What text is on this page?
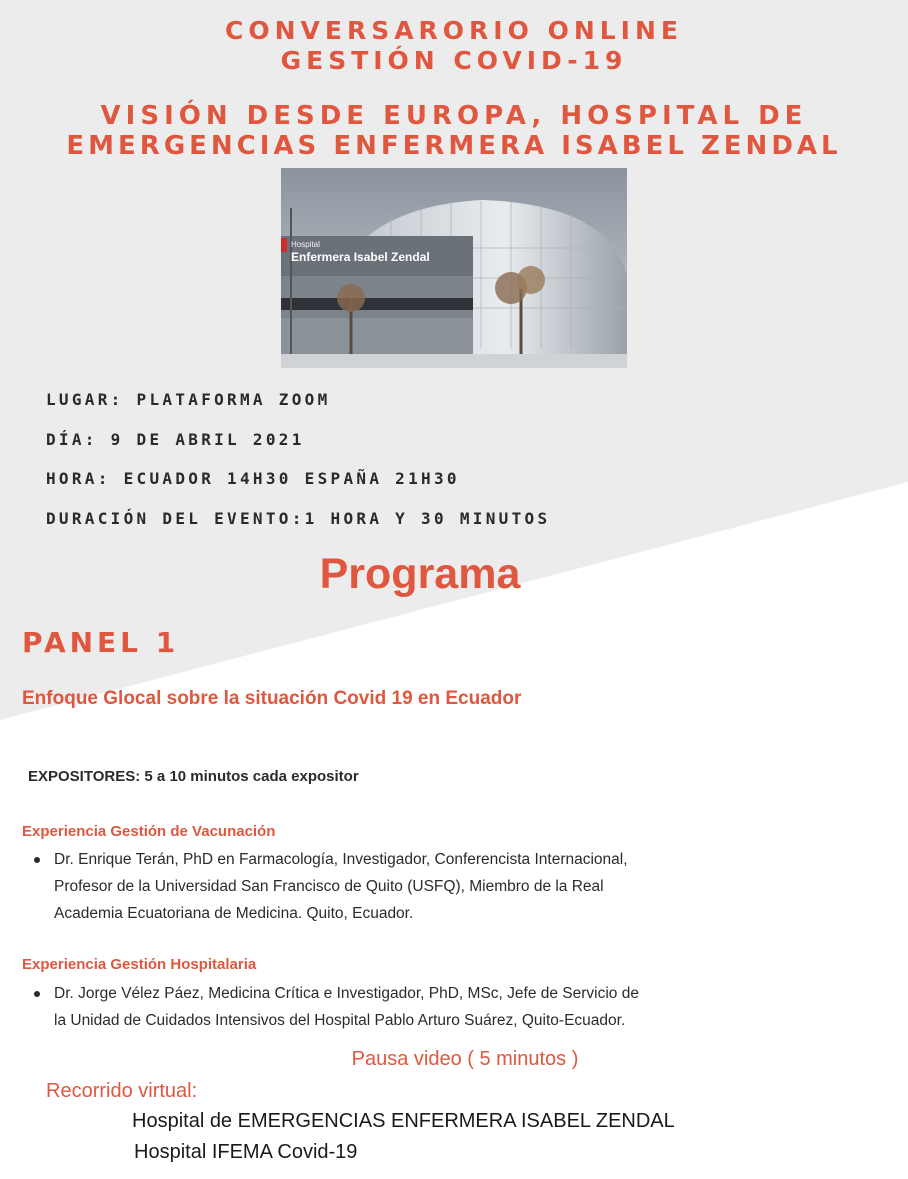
CONVERSARORIO ONLINE
GESTIÓN COVID-19
VISIÓN DESDE EUROPA, HOSPITAL DE
EMERGENCIAS ENFERMERA ISABEL ZENDAL
Hospital
Enfermera Isabel Zendal

LUGAR: PLATAFORMA ZOOM

DÍA: 9 DE ABRIL 2021

HORA: ECUADOR 14H30 ESPAÑA 21H30

DURACIÓN DEL EVENTO:1 HORA Y 30 MINUTOS

Programa
PANEL 1

Enfoque Glocal sobre la situación Covid 19 en Ecuador

EXPOSITORES: 5 a 10 minutos cada expositor

Experiencia Gestión de Vacunación

Dr. Enrique Terán, PhD en Farmacología, Investigador, Conferencista Internacional,
Profesor de la Universidad San Francisco de Quito (USFQ), Miembro de la Real
Academia Ecuatoriana de Medicina. Quito, Ecuador.

Experiencia Gestión Hospitalaria

Dr. Jorge Vélez Páez, Medicina Crítica e Investigador, PhD, MSc, Jefe de Servicio de
la Unidad de Cuidados Intensivos del Hospital Pablo Arturo Suárez, Quito-Ecuador.

Pausa video ( 5 minutos )

Recorrido virtual:

Hospital de EMERGENCIAS ENFERMERA ISABEL ZENDAL

Hospital IFEMA Covid-19
